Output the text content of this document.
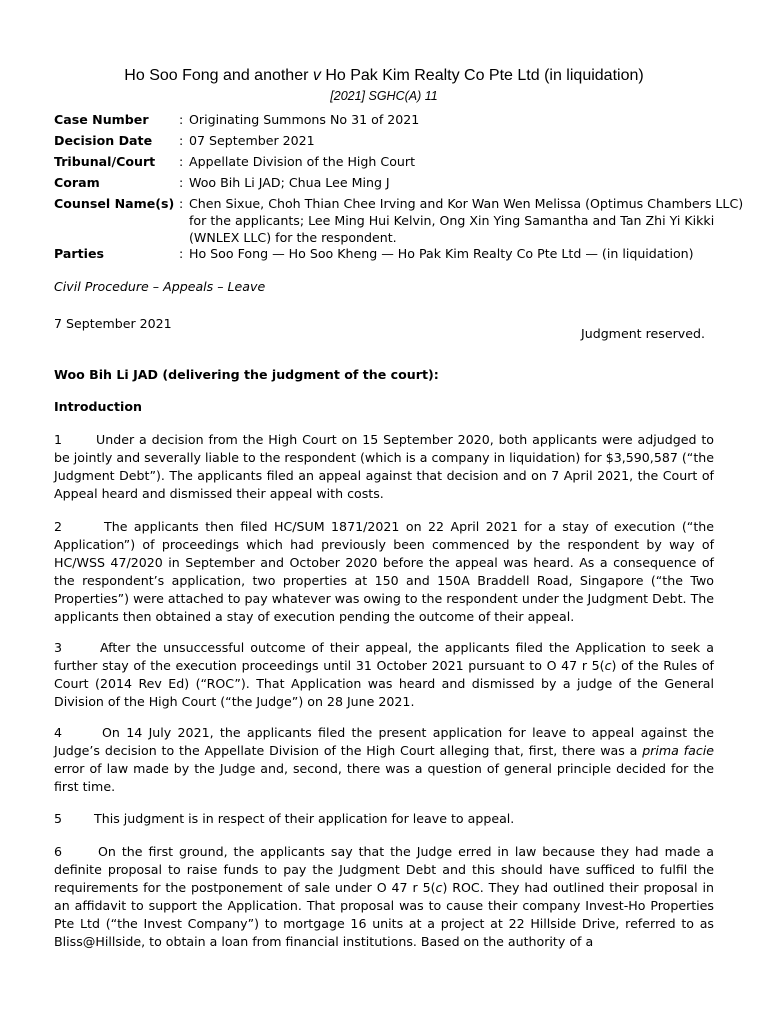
Ho Soo Fong and another v Ho Pak Kim Realty Co Pte Ltd (in liquidation)
[2021] SGHC(A) 11
Case Number : Originating Summons No 31 of 2021
Decision Date : 07 September 2021
Tribunal/Court : Appellate Division of the High Court
Coram	: Woo Bih Li JAD; Chua Lee Ming J
Counsel Name(s) : Chen Sixue, Choh Thian Chee Irving and Kor Wan Wen Melissa (Optimus Chambers LLC) for the applicants; Lee Ming Hui Kelvin, Ong Xin Ying Samantha and Tan Zhi Yi Kikki (WNLEX LLC) for the respondent.
Parties	: Ho Soo Fong — Ho Soo Kheng — Ho Pak Kim Realty Co Pte Ltd — (in liquidation)
Civil Procedure – Appeals – Leave
7 September 2021
Judgment reserved.
Woo Bih Li JAD (delivering the judgment of the court):
Introduction
1	Under a decision from the High Court on 15 September 2020, both applicants were adjudged to be jointly and severally liable to the respondent (which is a company in liquidation) for $3,590,587 (“the Judgment Debt”). The applicants filed an appeal against that decision and on 7 April 2021, the Court of Appeal heard and dismissed their appeal with costs.
2	The applicants then filed HC/SUM 1871/2021 on 22 April 2021 for a stay of execution (“the Application”) of proceedings which had previously been commenced by the respondent by way of HC/WSS 47/2020 in September and October 2020 before the appeal was heard. As a consequence of the respondent’s application, two properties at 150 and 150A Braddell Road, Singapore (“the Two Properties”) were attached to pay whatever was owing to the respondent under the Judgment Debt. The applicants then obtained a stay of execution pending the outcome of their appeal.
3	After the unsuccessful outcome of their appeal, the applicants filed the Application to seek a further stay of the execution proceedings until 31 October 2021 pursuant to O 47 r 5(c) of the Rules of Court (2014 Rev Ed) (“ROC”). That Application was heard and dismissed by a judge of the General Division of the High Court (“the Judge”) on 28 June 2021.
4	On 14 July 2021, the applicants filed the present application for leave to appeal against the Judge’s decision to the Appellate Division of the High Court alleging that, first, there was a prima facie error of law made by the Judge and, second, there was a question of general principle decided for the first time.
5	This judgment is in respect of their application for leave to appeal.
6	On the first ground, the applicants say that the Judge erred in law because they had made a definite proposal to raise funds to pay the Judgment Debt and this should have sufficed to fulfil the requirements for the postponement of sale under O 47 r 5(c) ROC. They had outlined their proposal in an affidavit to support the Application. That proposal was to cause their company Invest-Ho Properties Pte Ltd (“the Invest Company”) to mortgage 16 units at a project at 22 Hillside Drive, referred to as Bliss@Hillside, to obtain a loan from financial institutions. Based on the authority of a
